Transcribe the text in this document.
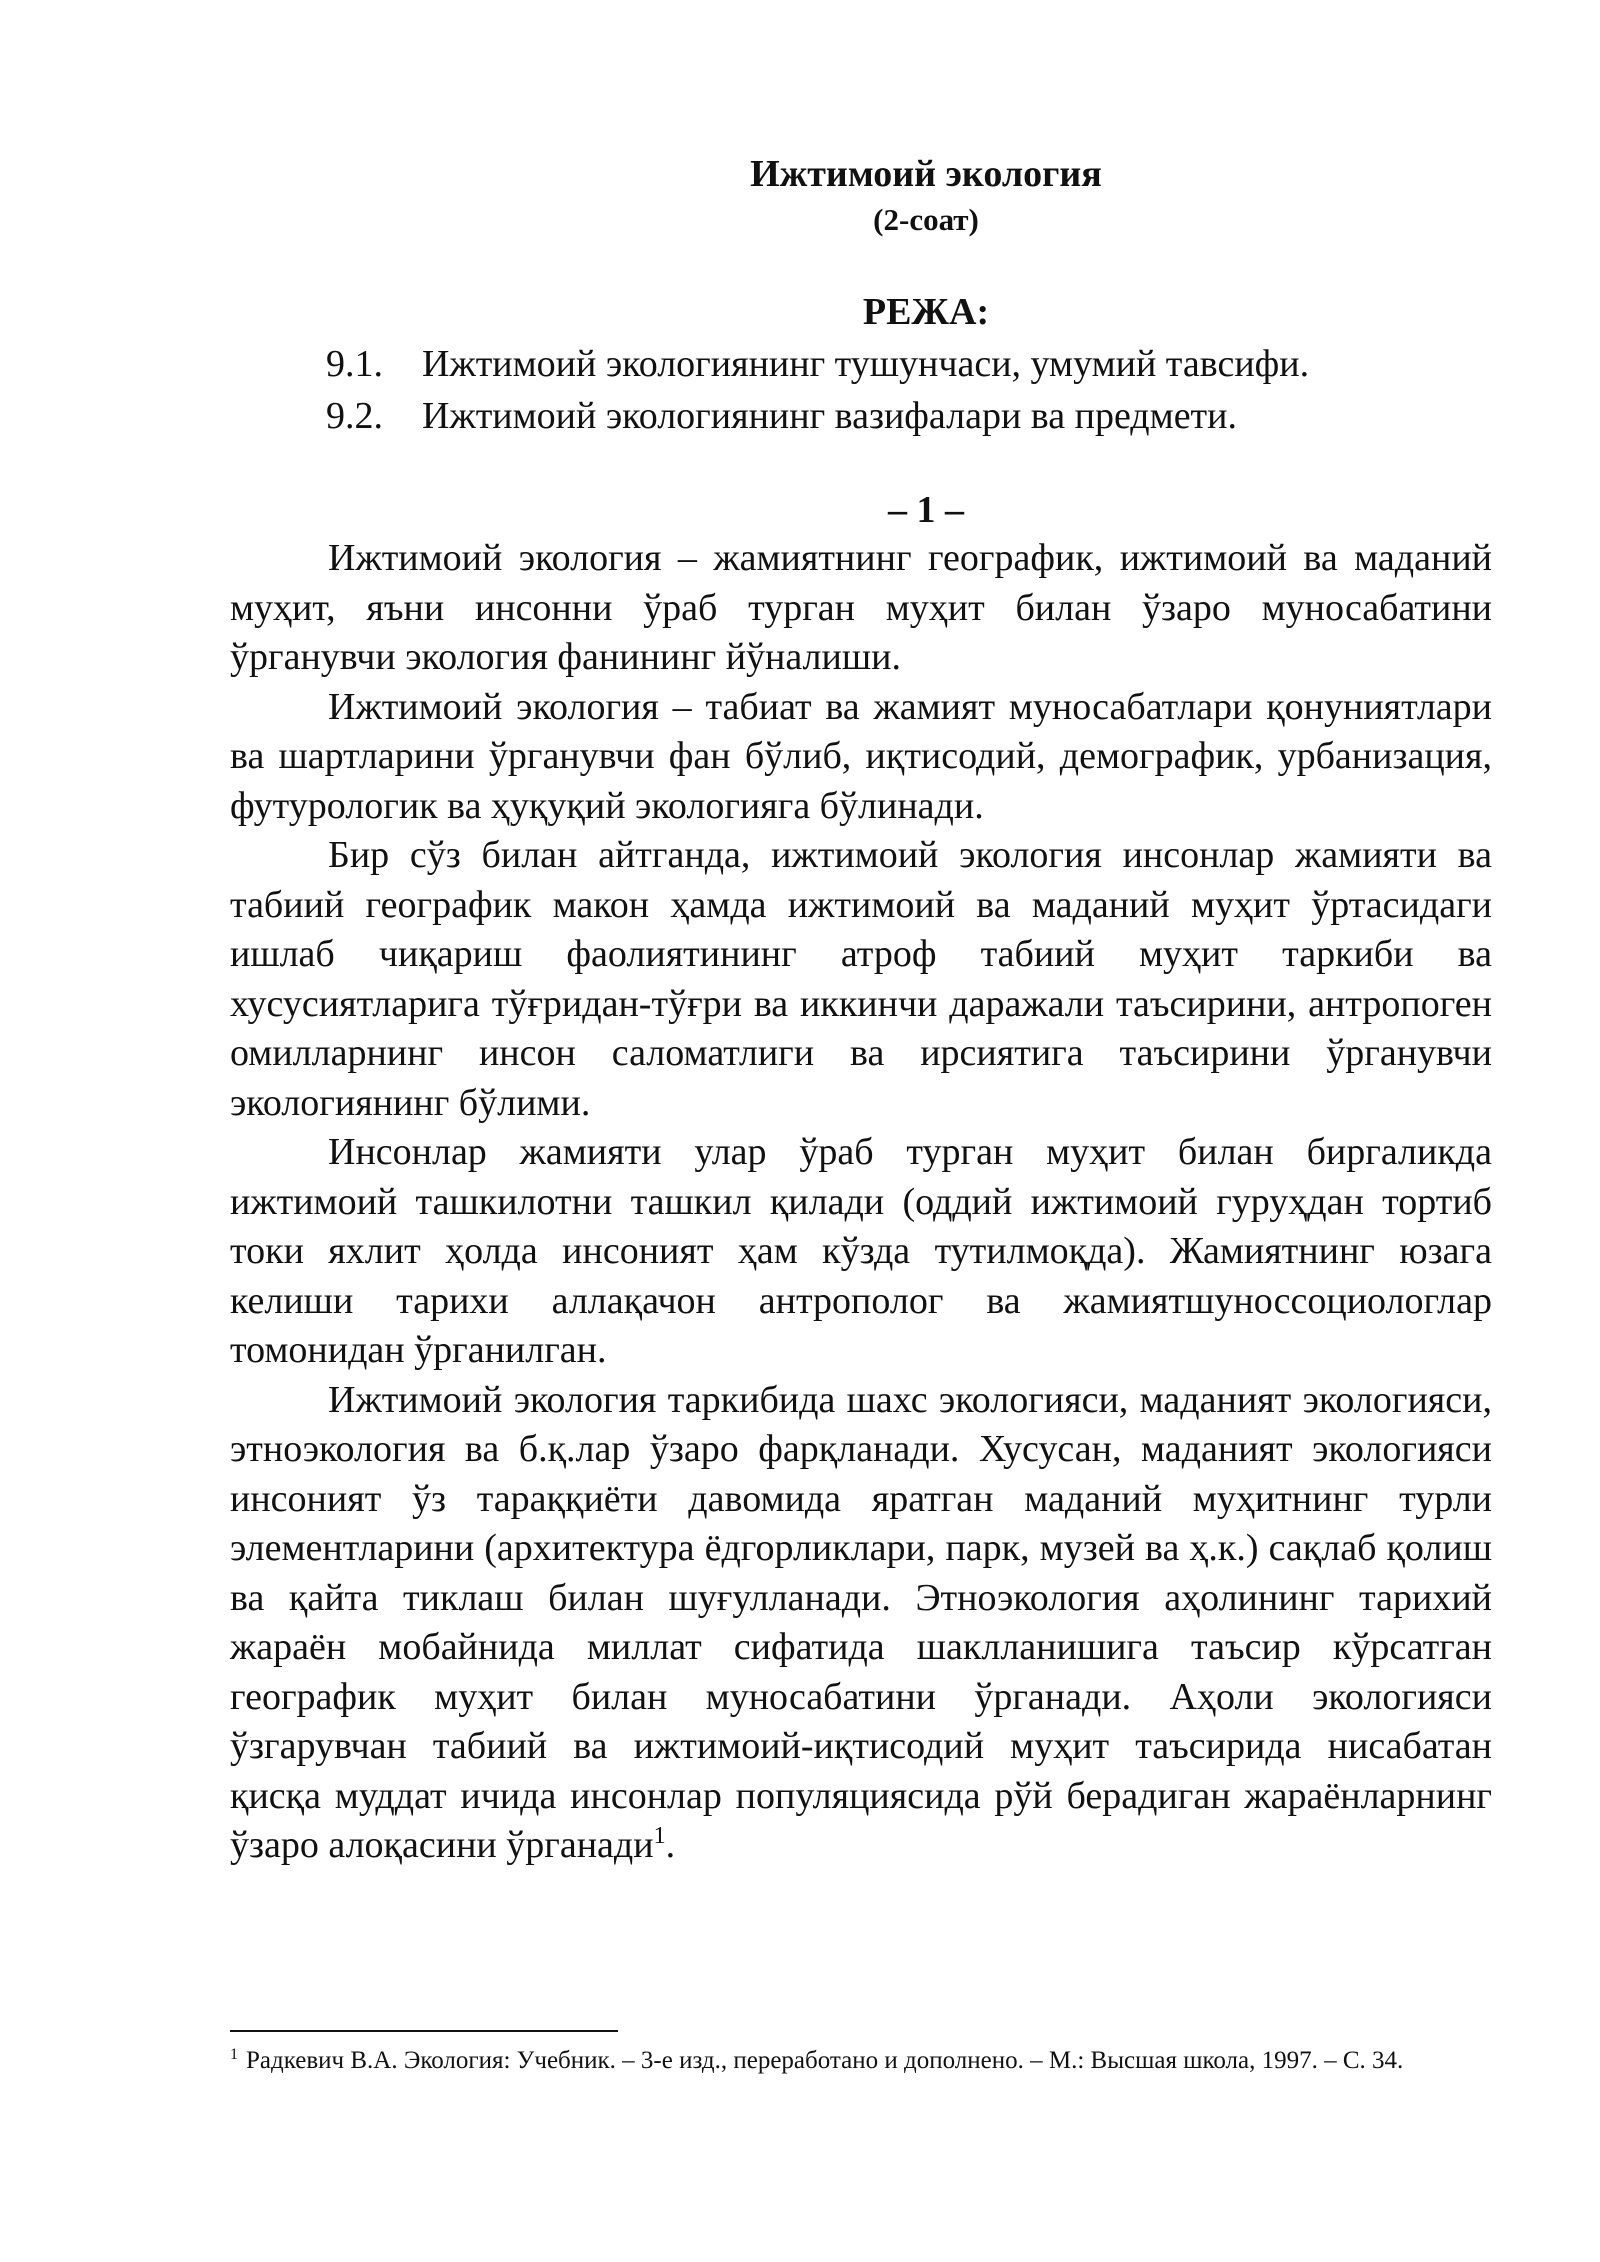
Ижтимоий экология

(2-соат)

РЕЖА:

9.1.	Ижтимоий экологиянинг тушунчаси, умумий тавсифи.
9.2.	Ижтимоий экологиянинг вазифалари ва предмети.

– 1 –

Ижтимоий экология – жамиятнинг географик, ижтимоий ва маданий муҳит, яъни инсонни ўраб турган муҳит билан ўзаро муносабатини ўрганувчи экология фанининг йўналиши.

Ижтимоий экология – табиат ва жамият муносабатлари қонуниятлари ва шартларини ўрганувчи фан бўлиб, иқтисодий, демографик, урбанизация, футурологик ва ҳуқуқий экологияга бўлинади.

Бир сўз билан айтганда, ижтимоий экология инсонлар жамияти ва табиий географик макон ҳамда ижтимоий ва маданий муҳит ўртасидаги ишлаб чиқариш фаолиятининг атроф табиий муҳит таркиби ва хусусиятларига тўғридан-тўғри ва иккинчи даражали таъсирини, антропоген омилларнинг инсон саломатлиги ва ирсиятига таъсирини ўрганувчи экологиянинг бўлими.

Инсонлар жамияти улар ўраб турган муҳит билан биргаликда ижтимоий ташкилотни ташкил қилади (оддий ижтимоий гуруҳдан тортиб токи яхлит ҳолда инсоният ҳам кўзда тутилмоқда). Жамиятнинг юзага келиши тарихи аллақачон антрополог ва жамиятшуноссоциологлар томонидан ўрганилган.

Ижтимоий экология таркибида шахс экологияси, маданият экологияси, этноэкология ва б.қ.лар ўзаро фарқланади. Хусусан, маданият экологияси инсоният ўз тараққиёти давомида яратган маданий муҳитнинг турли элементларини (архитектура ёдгорликлари, парк, музей ва ҳ.к.) сақлаб қолиш ва қайта тиклаш билан шуғулланади. Этноэкология аҳолининг тарихий жараён мобайнида миллат сифатида шаклланишига таъсир кўрсатган географик муҳит билан муносабатини ўрганади. Аҳоли экологияси ўзгарувчан табиий ва ижтимоий-иқтисодий муҳит таъсирида нисабатан қисқа муддат ичида инсонлар популяциясида рўй берадиган жараёнларнинг ўзаро алоқасини ўрганади$^1$.

$^1$ Радкевич В.А. Экология: Учебник. – 3-е изд., переработано и дополнено. – М.: Высшая школа, 1997. – С. 34.
